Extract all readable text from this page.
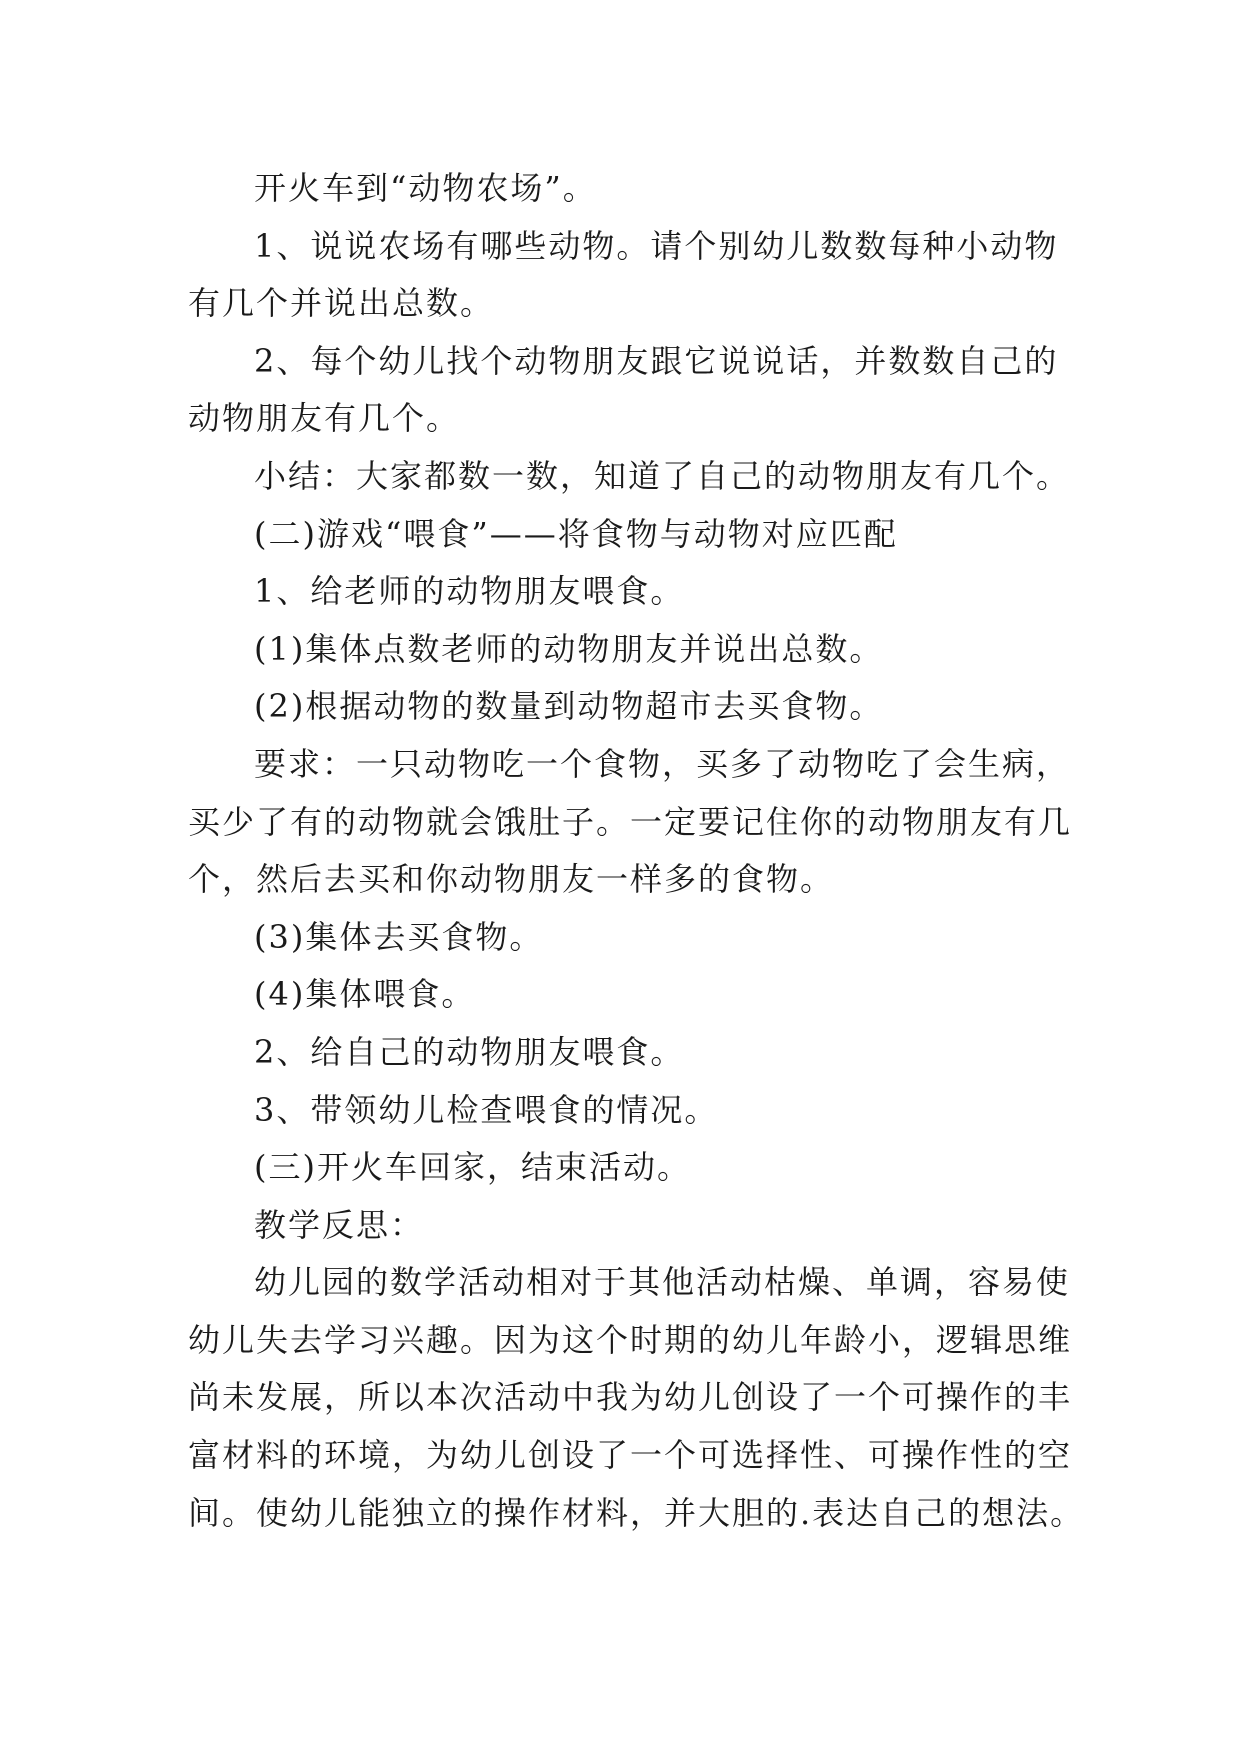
开火车到“动物农场”。
1、说说农场有哪些动物。请个别幼儿数数每种小动物
有几个并说出总数。
2、每个幼儿找个动物朋友跟它说说话，并数数自己的
动物朋友有几个。
小结：大家都数一数，知道了自己的动物朋友有几个。
(二)游戏“喂食”——将食物与动物对应匹配
1、给老师的动物朋友喂食。
(1)集体点数老师的动物朋友并说出总数。
(2)根据动物的数量到动物超市去买食物。
要求：一只动物吃一个食物，买多了动物吃了会生病，
买少了有的动物就会饿肚子。一定要记住你的动物朋友有几
个，然后去买和你动物朋友一样多的食物。
(3)集体去买食物。
(4)集体喂食。
2、给自己的动物朋友喂食。
3、带领幼儿检查喂食的情况。
(三)开火车回家，结束活动。
教学反思：
幼儿园的数学活动相对于其他活动枯燥、单调，容易使
幼儿失去学习兴趣。因为这个时期的幼儿年龄小，逻辑思维
尚未发展，所以本次活动中我为幼儿创设了一个可操作的丰
富材料的环境，为幼儿创设了一个可选择性、可操作性的空
间。使幼儿能独立的操作材料，并大胆的.表达自己的想法。
